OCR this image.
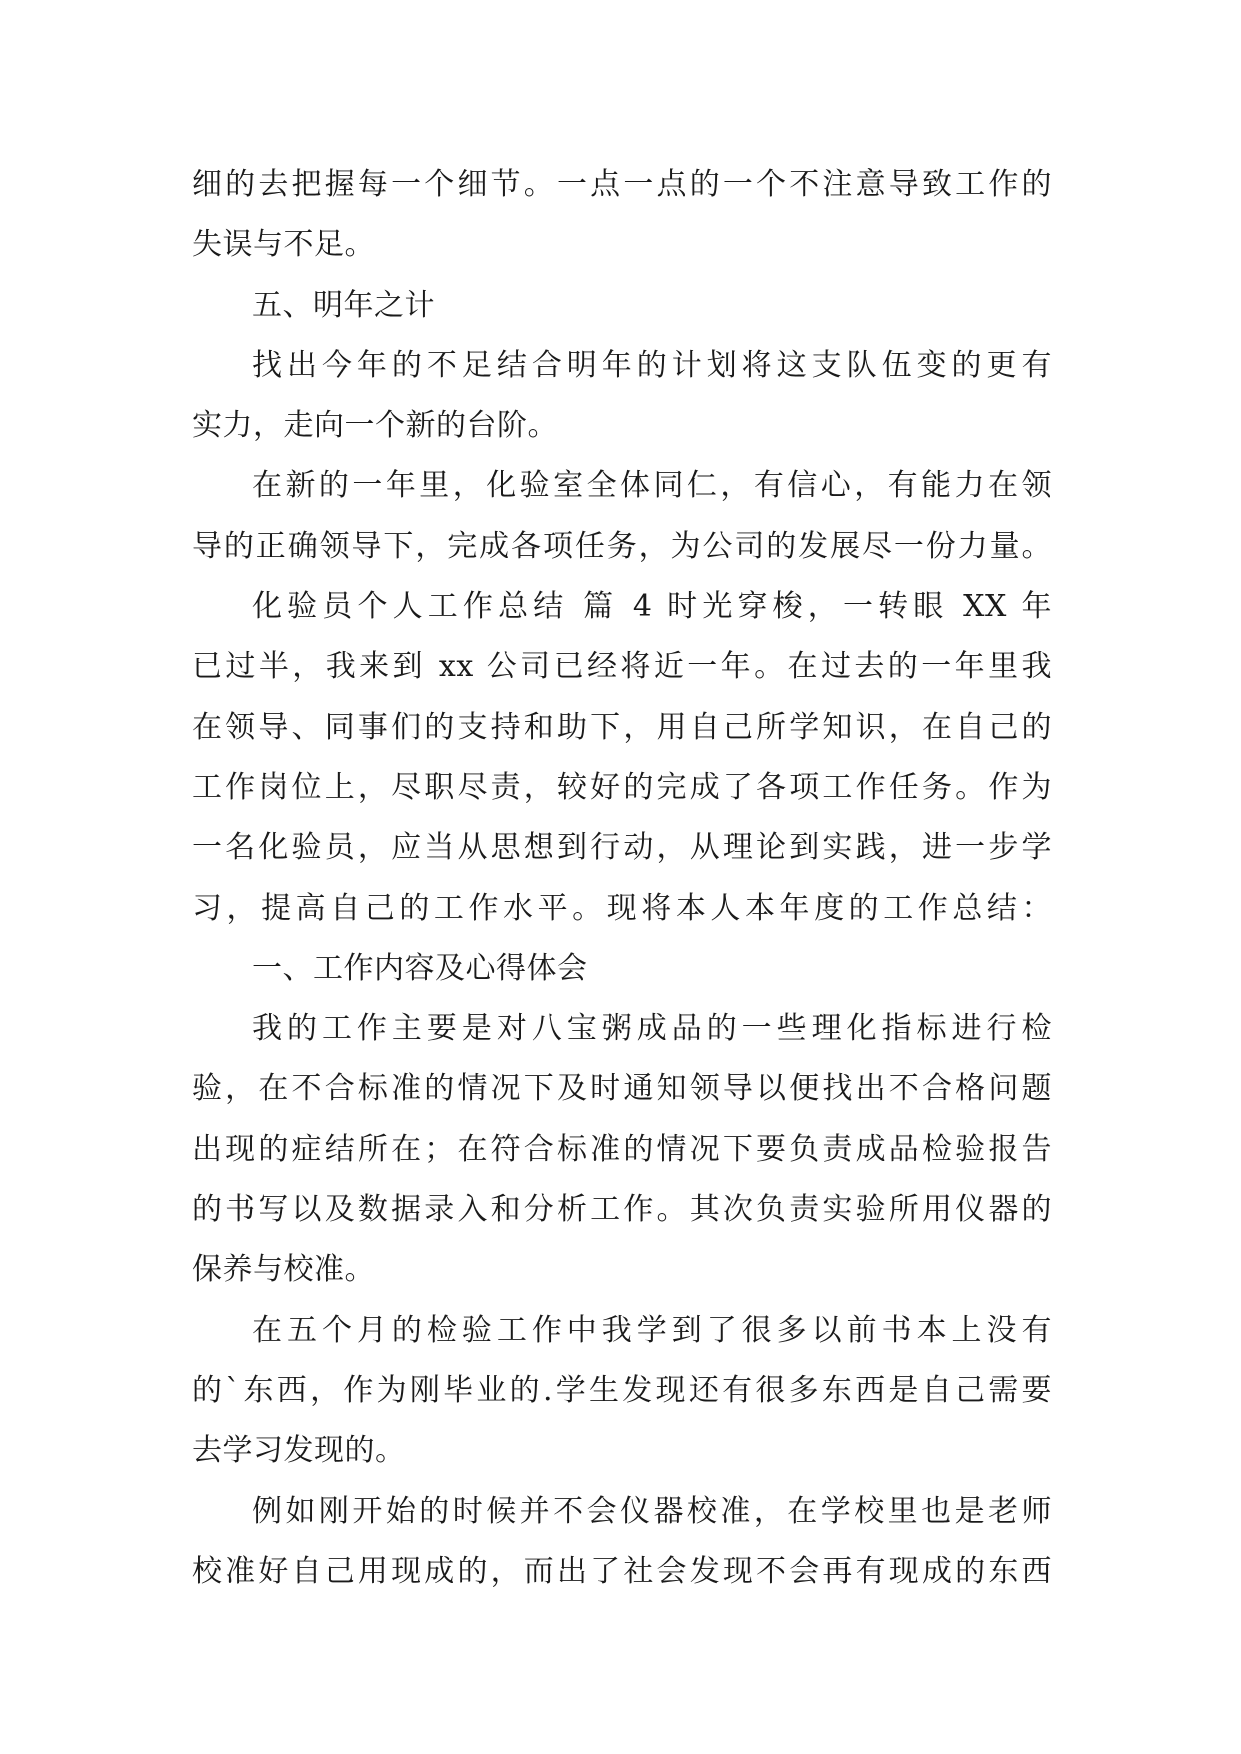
细的去把握每一个细节。一点一点的一个不注意导致工作的
失误与不足。
五、明年之计
找出今年的不足结合明年的计划将这支队伍变的更有
实力，走向一个新的台阶。
在新的一年里，化验室全体同仁，有信心，有能力在领
导的正确领导下，完成各项任务，为公司的发展尽一份力量。
化验员个人工作总结 篇 4 时光穿梭，一转眼 XX 年
已过半，我来到 xx 公司已经将近一年。在过去的一年里我
在领导、同事们的支持和助下，用自己所学知识，在自己的
工作岗位上，尽职尽责，较好的完成了各项工作任务。作为
一名化验员，应当从思想到行动，从理论到实践，进一步学
习，提高自己的工作水平。现将本人本年度的工作总结：
一、工作内容及心得体会
我的工作主要是对八宝粥成品的一些理化指标进行检
验，在不合标准的情况下及时通知领导以便找出不合格问题
出现的症结所在；在符合标准的情况下要负责成品检验报告
的书写以及数据录入和分析工作。其次负责实验所用仪器的
保养与校准。
在五个月的检验工作中我学到了很多以前书本上没有
的`东西，作为刚毕业的.学生发现还有很多东西是自己需要
去学习发现的。
例如刚开始的时候并不会仪器校准，在学校里也是老师
校准好自己用现成的，而出了社会发现不会再有现成的东西
